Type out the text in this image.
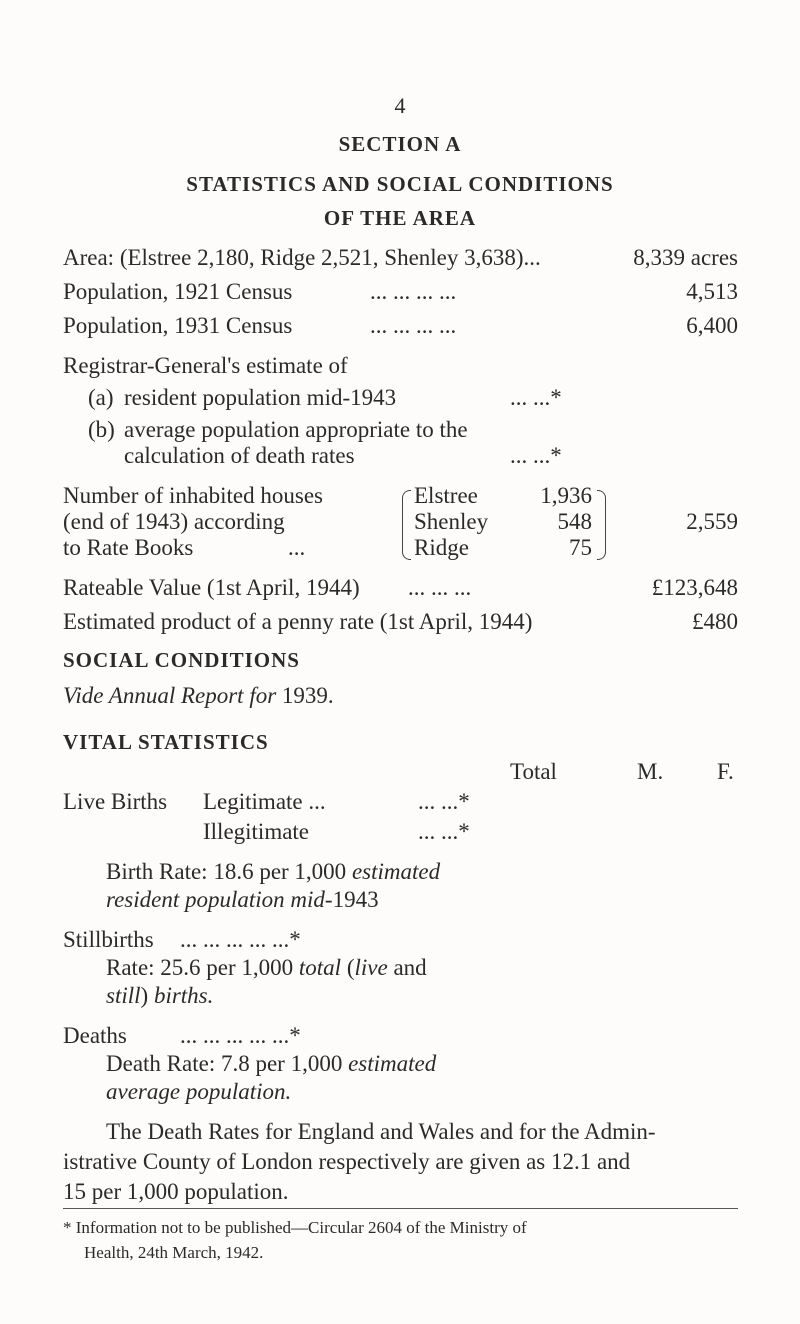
4
SECTION A
STATISTICS AND SOCIAL CONDITIONS
OF THE AREA
Area: (Elstree 2,180, Ridge 2,521, Shenley 3,638)...	8,339 acres
Population, 1921 Census	... ... ... ...	4,513
Population, 1931 Census	... ... ... ...	6,400
Registrar-General's estimate of
(a) resident population mid-1943	... ...*
(b) average population appropriate to the
calculation of death rates	... ...*
Number of inhabited houses
(end of 1943) according
to Rate Books	...
Elstree	1,936
Shenley	548
Ridge	75
2,559
Rateable Value (1st April, 1944) ... ... ...	£123,648
Estimated product of a penny rate (1st April, 1944)	£480
SOCIAL CONDITIONS
Vide Annual Report for 1939.
VITAL STATISTICS
Total	M. F.
Live Births Legitimate ...	... ...*
Illegitimate	... ...*
Birth Rate: 18.6 per 1,000 estimated
resident population mid-1943
Stillbirths ... ... ... ... ...*
Rate: 25.6 per 1,000 total (live and
still) births.
Deaths ... ... ... ... ...*
Death Rate: 7.8 per 1,000 estimated
average population.
The Death Rates for England and Wales and for the Admin-
istrative County of London respectively are given as 12.1 and
15 per 1,000 population.
* Information not to be published—Circular 2604 of the Ministry of
Health, 24th March, 1942.
